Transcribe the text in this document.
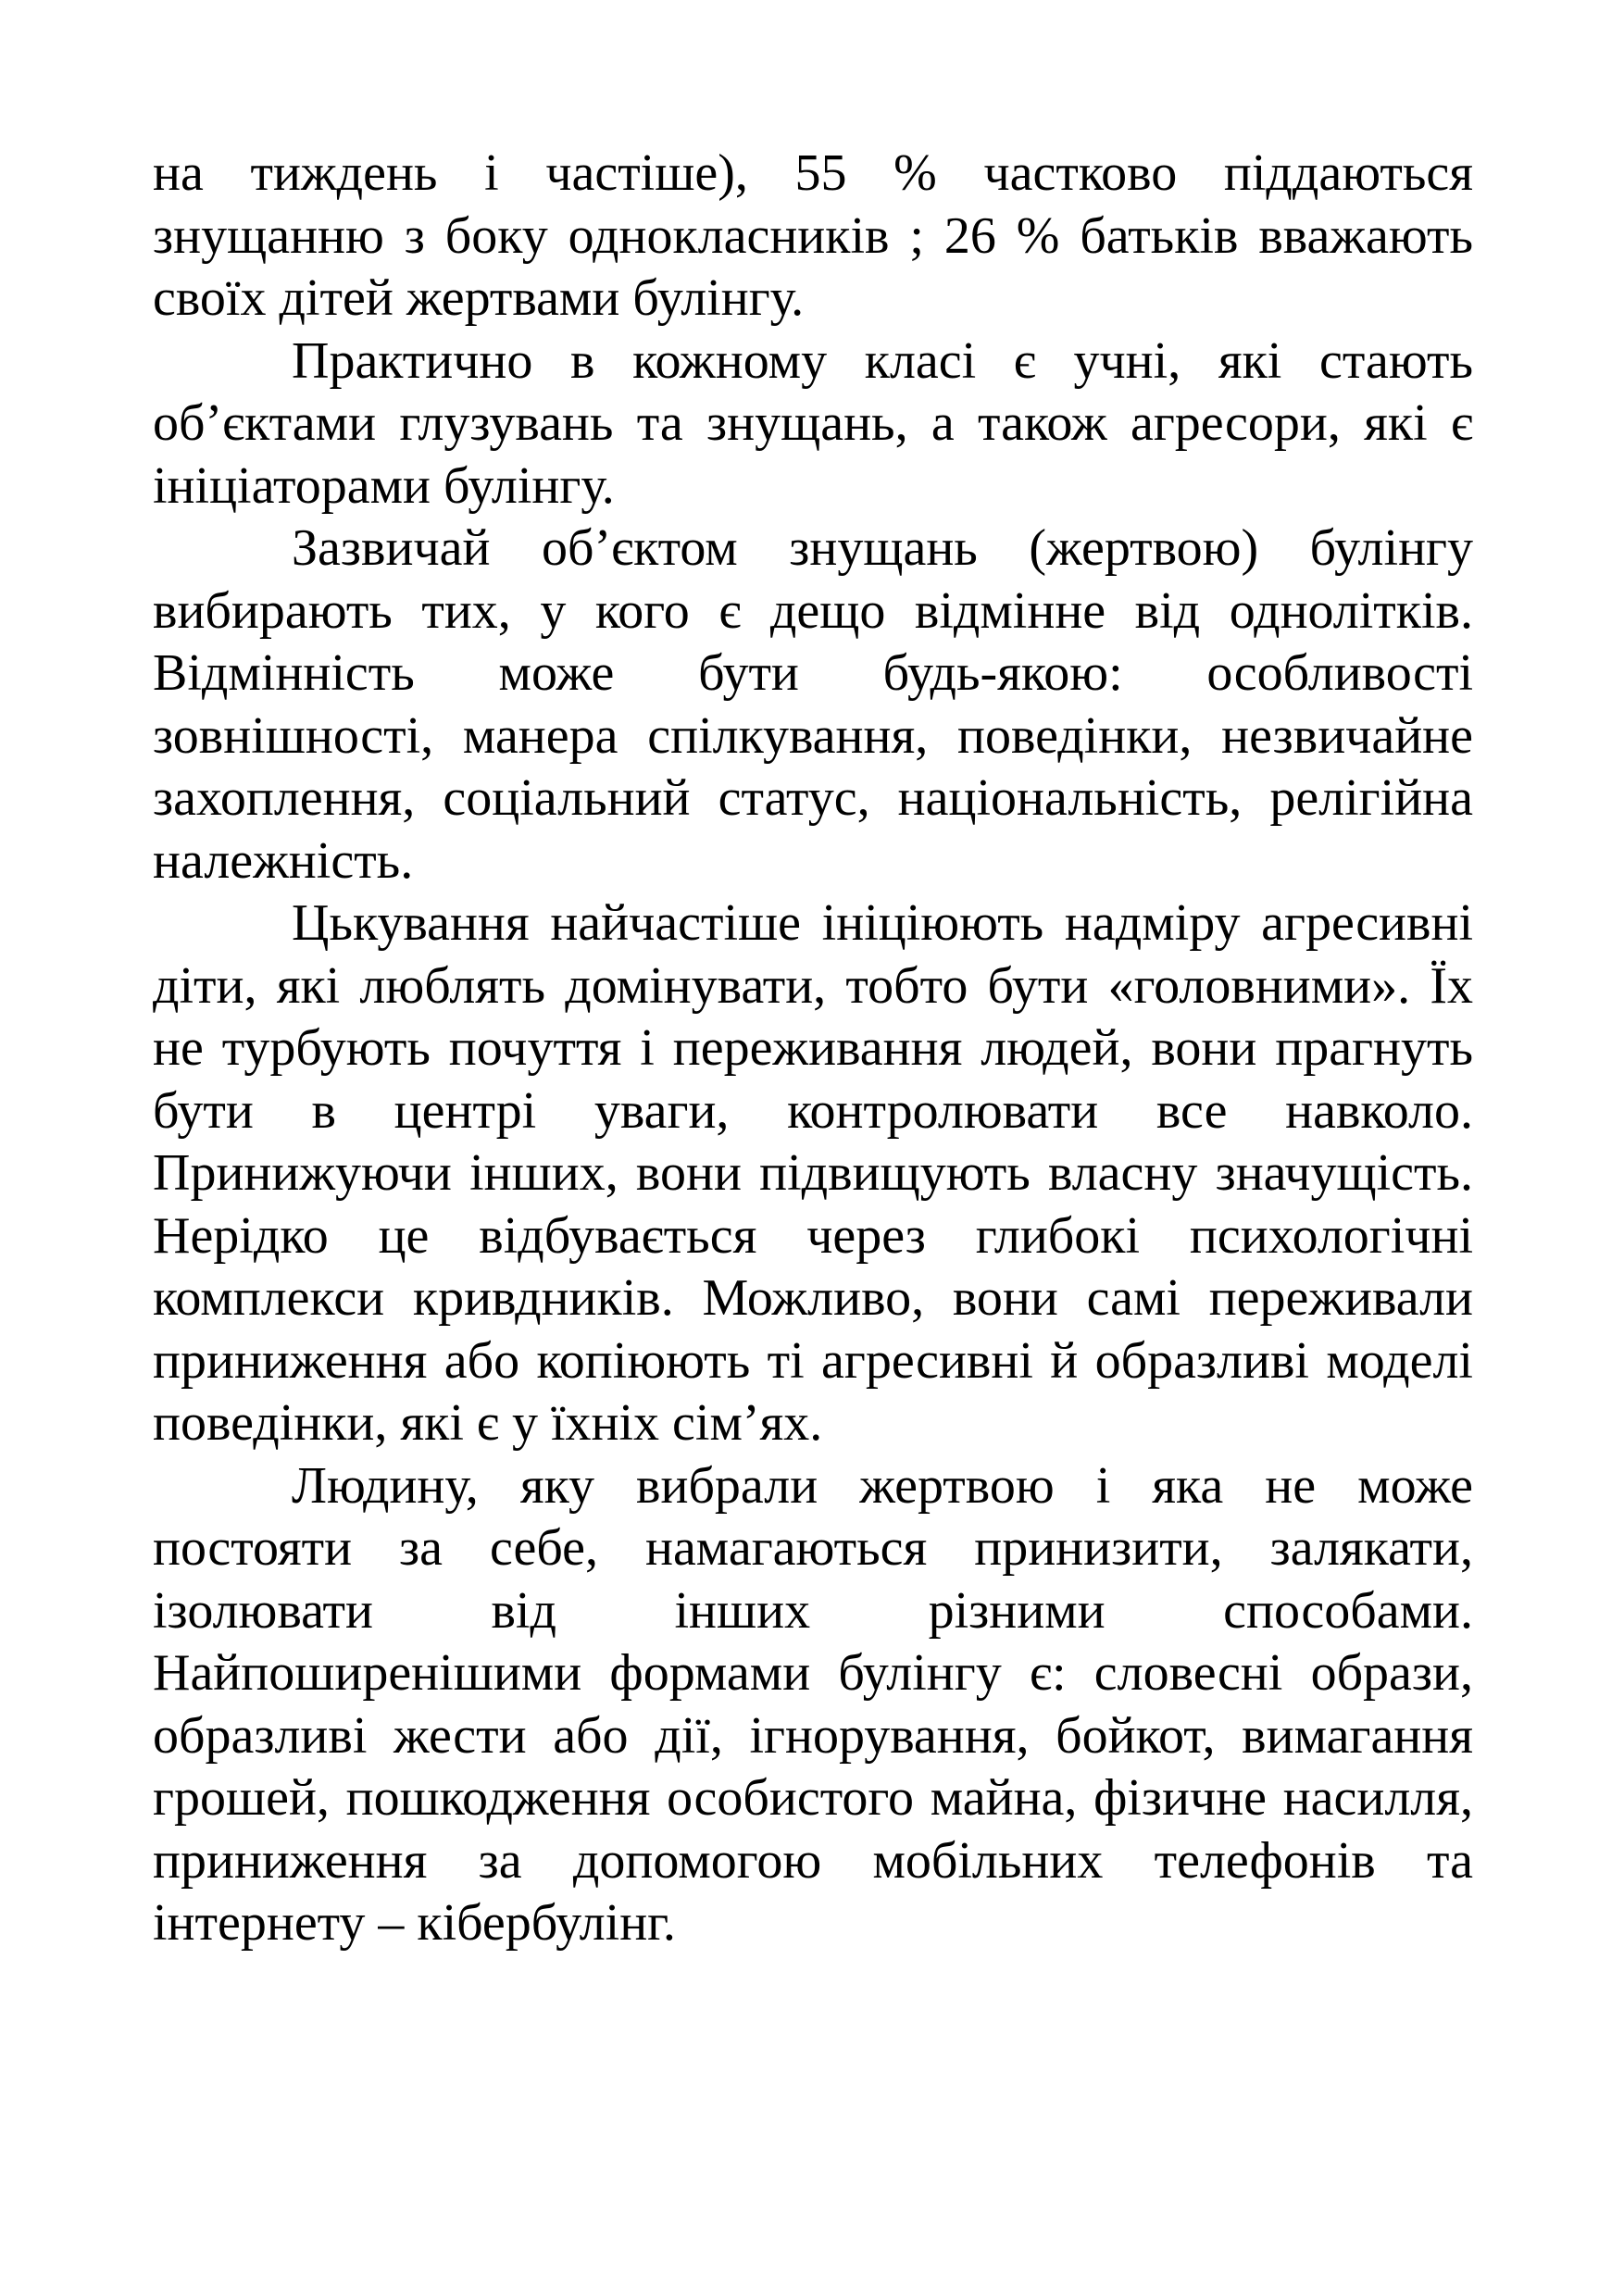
на тиждень і частіше), 55 % частково піддаються знущанню з боку однокласників ; 26 % батьків вважають своїх дітей жертвами булінгу.

Практично в кожному класі є учні, які стають об’єктами глузувань та знущань, а також агресори, які є ініціаторами булінгу.

Зазвичай об’єктом знущань (жертвою) булінгу вибирають тих, у кого є дещо відмінне від однолітків. Відмінність може бути будь-якою: особливості зовнішності, манера спілкування, поведінки, незвичайне захоплення, соціальний статус, національність, релігійна належність.

Цькування найчастіше ініціюють надміру агресивні діти, які люблять домінувати, тобто бути «головними». Їх не турбують почуття і переживання людей, вони прагнуть бути в центрі уваги, контролювати все навколо. Принижуючи інших, вони підвищують власну значущість. Нерідко це відбувається через глибокі психологічні комплекси кривдників. Можливо, вони самі переживали приниження або копіюють ті агресивні й образливі моделі поведінки, які є у їхніх сім’ях.

Людину, яку вибрали жертвою і яка не може постояти за себе, намагаються принизити, залякати, ізолювати від інших різними способами. Найпоширенішими формами булінгу є: словесні образи, образливі жести або дії, ігнорування, бойкот, вимагання грошей, пошкодження особистого майна, фізичне насилля, приниження за допомогою мобільних телефонів та інтернету – кібербулінг.
